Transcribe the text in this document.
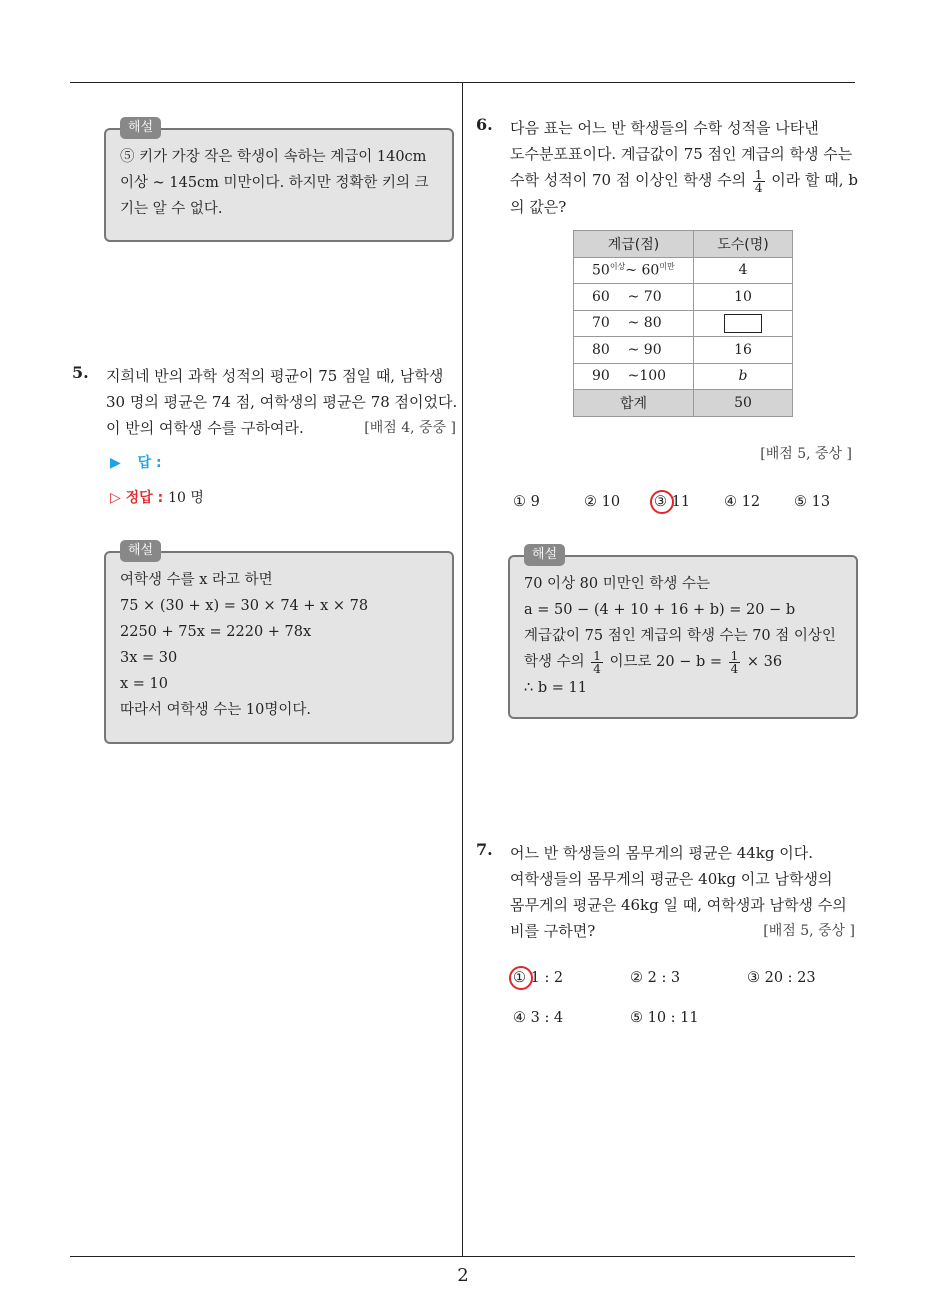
2
해설
⑤ 키가 가장 작은 학생이 속하는 계급이 140cm
이상 ~ 145cm 미만이다. 하지만 정확한 키의 크
기는 알 수 없다.
5. 지희네 반의 과학 성적의 평균이 75 점일 때, 남학생
30 명의 평균은 74 점, 여학생의 평균은 78 점이었다.
이 반의 여학생 수를 구하여라.	[배점 4, 중중 ]
▶ 답 :
▷ 정답 : 10 명
해설
여학생 수를 x 라고 하면
75 × (30 + x) = 30 × 74 + x × 78
2250 + 75x = 2220 + 78x
3x = 30
x = 10
따라서 여학생 수는 10명이다.
6. 다음 표는 어느 반 학생들의 수학 성적을 나타낸
도수분포표이다. 계급값이 75 점인 계급의 학생 수는
수학 성적이 70 점 이상인 학생 수의 $\frac{1}{4}$ 이라 할 때, b
의 값은?
계급(점)	도수(명)
$50^{이상}\sim$ $60^{미만}$	4
60    ~ 70	10
70    ~ 80	
80    ~ 90	16
90    ~100	b
합계	50
[배점 5, 중상 ]
① 9	② 10 ③ 11 ④ 12 ⑤ 13
해설
70 이상 80 미만인 학생 수는
a = 50 − (4 + 10 + 16 + b) = 20 − b
계급값이 75 점인 계급의 학생 수는 70 점 이상인
학생 수의 $\frac{1}{4}$ 이므로 $20 - b = \frac{1}{4} \times 36$
∴ b = 11
7. 어느 반 학생들의 몸무게의 평균은 44kg 이다.
여학생들의 몸무게의 평균은 40kg 이고 남학생의
몸무게의 평균은 46kg 일 때, 여학생과 남학생 수의
비를 구하면?	[배점 5, 중상 ]
① 1 : 2	② 2 : 3	③ 20 : 23
④ 3 : 4	⑤ 10 : 11
